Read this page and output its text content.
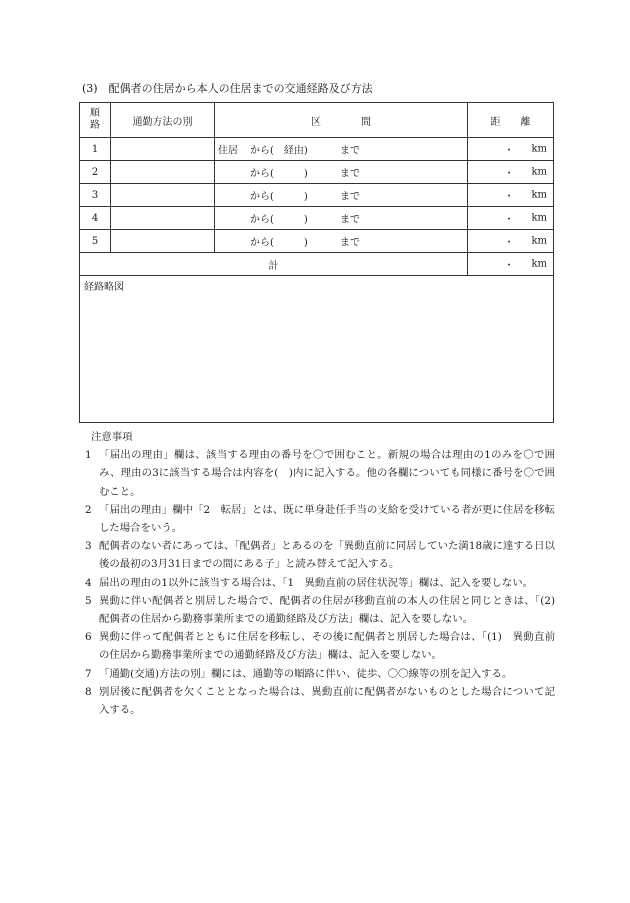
(3)　配偶者の住居から本人の住居までの交通経路及び方法
順
路	通勤方法の別	区　　　　間	距　　離
1		住居 から(　経由) まで	・ km

2		から(　　　) まで	・ km

3		から(　　　) まで	・ km

4		から(　　　) まで	・ km

5		から(　　　) まで	・ km

計			・ km

経路略図			
注意事項
1 「届出の理由」欄は、該当する理由の番号を〇で囲むこと。新規の場合は理由の1のみを〇で囲み、理由の3に該当する場合は内容を(　)内に記入する。他の各欄についても同様に番号を〇で囲むこと。
2 「届出の理由」欄中「2　転居」とは、既に単身赴任手当の支給を受けている者が更に住居を移転した場合をいう。
3 配偶者のない者にあっては、「配偶者」とあるのを「異動直前に同居していた満18歳に達する日以後の最初の3月31日までの間にある子」と読み替えて記入する。
4 届出の理由の1以外に該当する場合は、「1　異動直前の居住状況等」欄は、記入を要しない。
5 異動に伴い配偶者と別居した場合で、配偶者の住居が移動直前の本人の住居と同じときは、「(2)　配偶者の住居から勤務事業所までの通勤経路及び方法」欄は、記入を要しない。
6 異動に伴って配偶者とともに住居を移転し、その後に配偶者と別居した場合は、「(1)　異動直前の住居から勤務事業所までの通勤経路及び方法」欄は、記入を要しない。
7 「通勤(交通)方法の別」欄には、通勤等の順路に伴い、徒歩、〇〇線等の別を記入する。
8 別居後に配偶者を欠くこととなった場合は、異動直前に配偶者がないものとした場合について記入する。
